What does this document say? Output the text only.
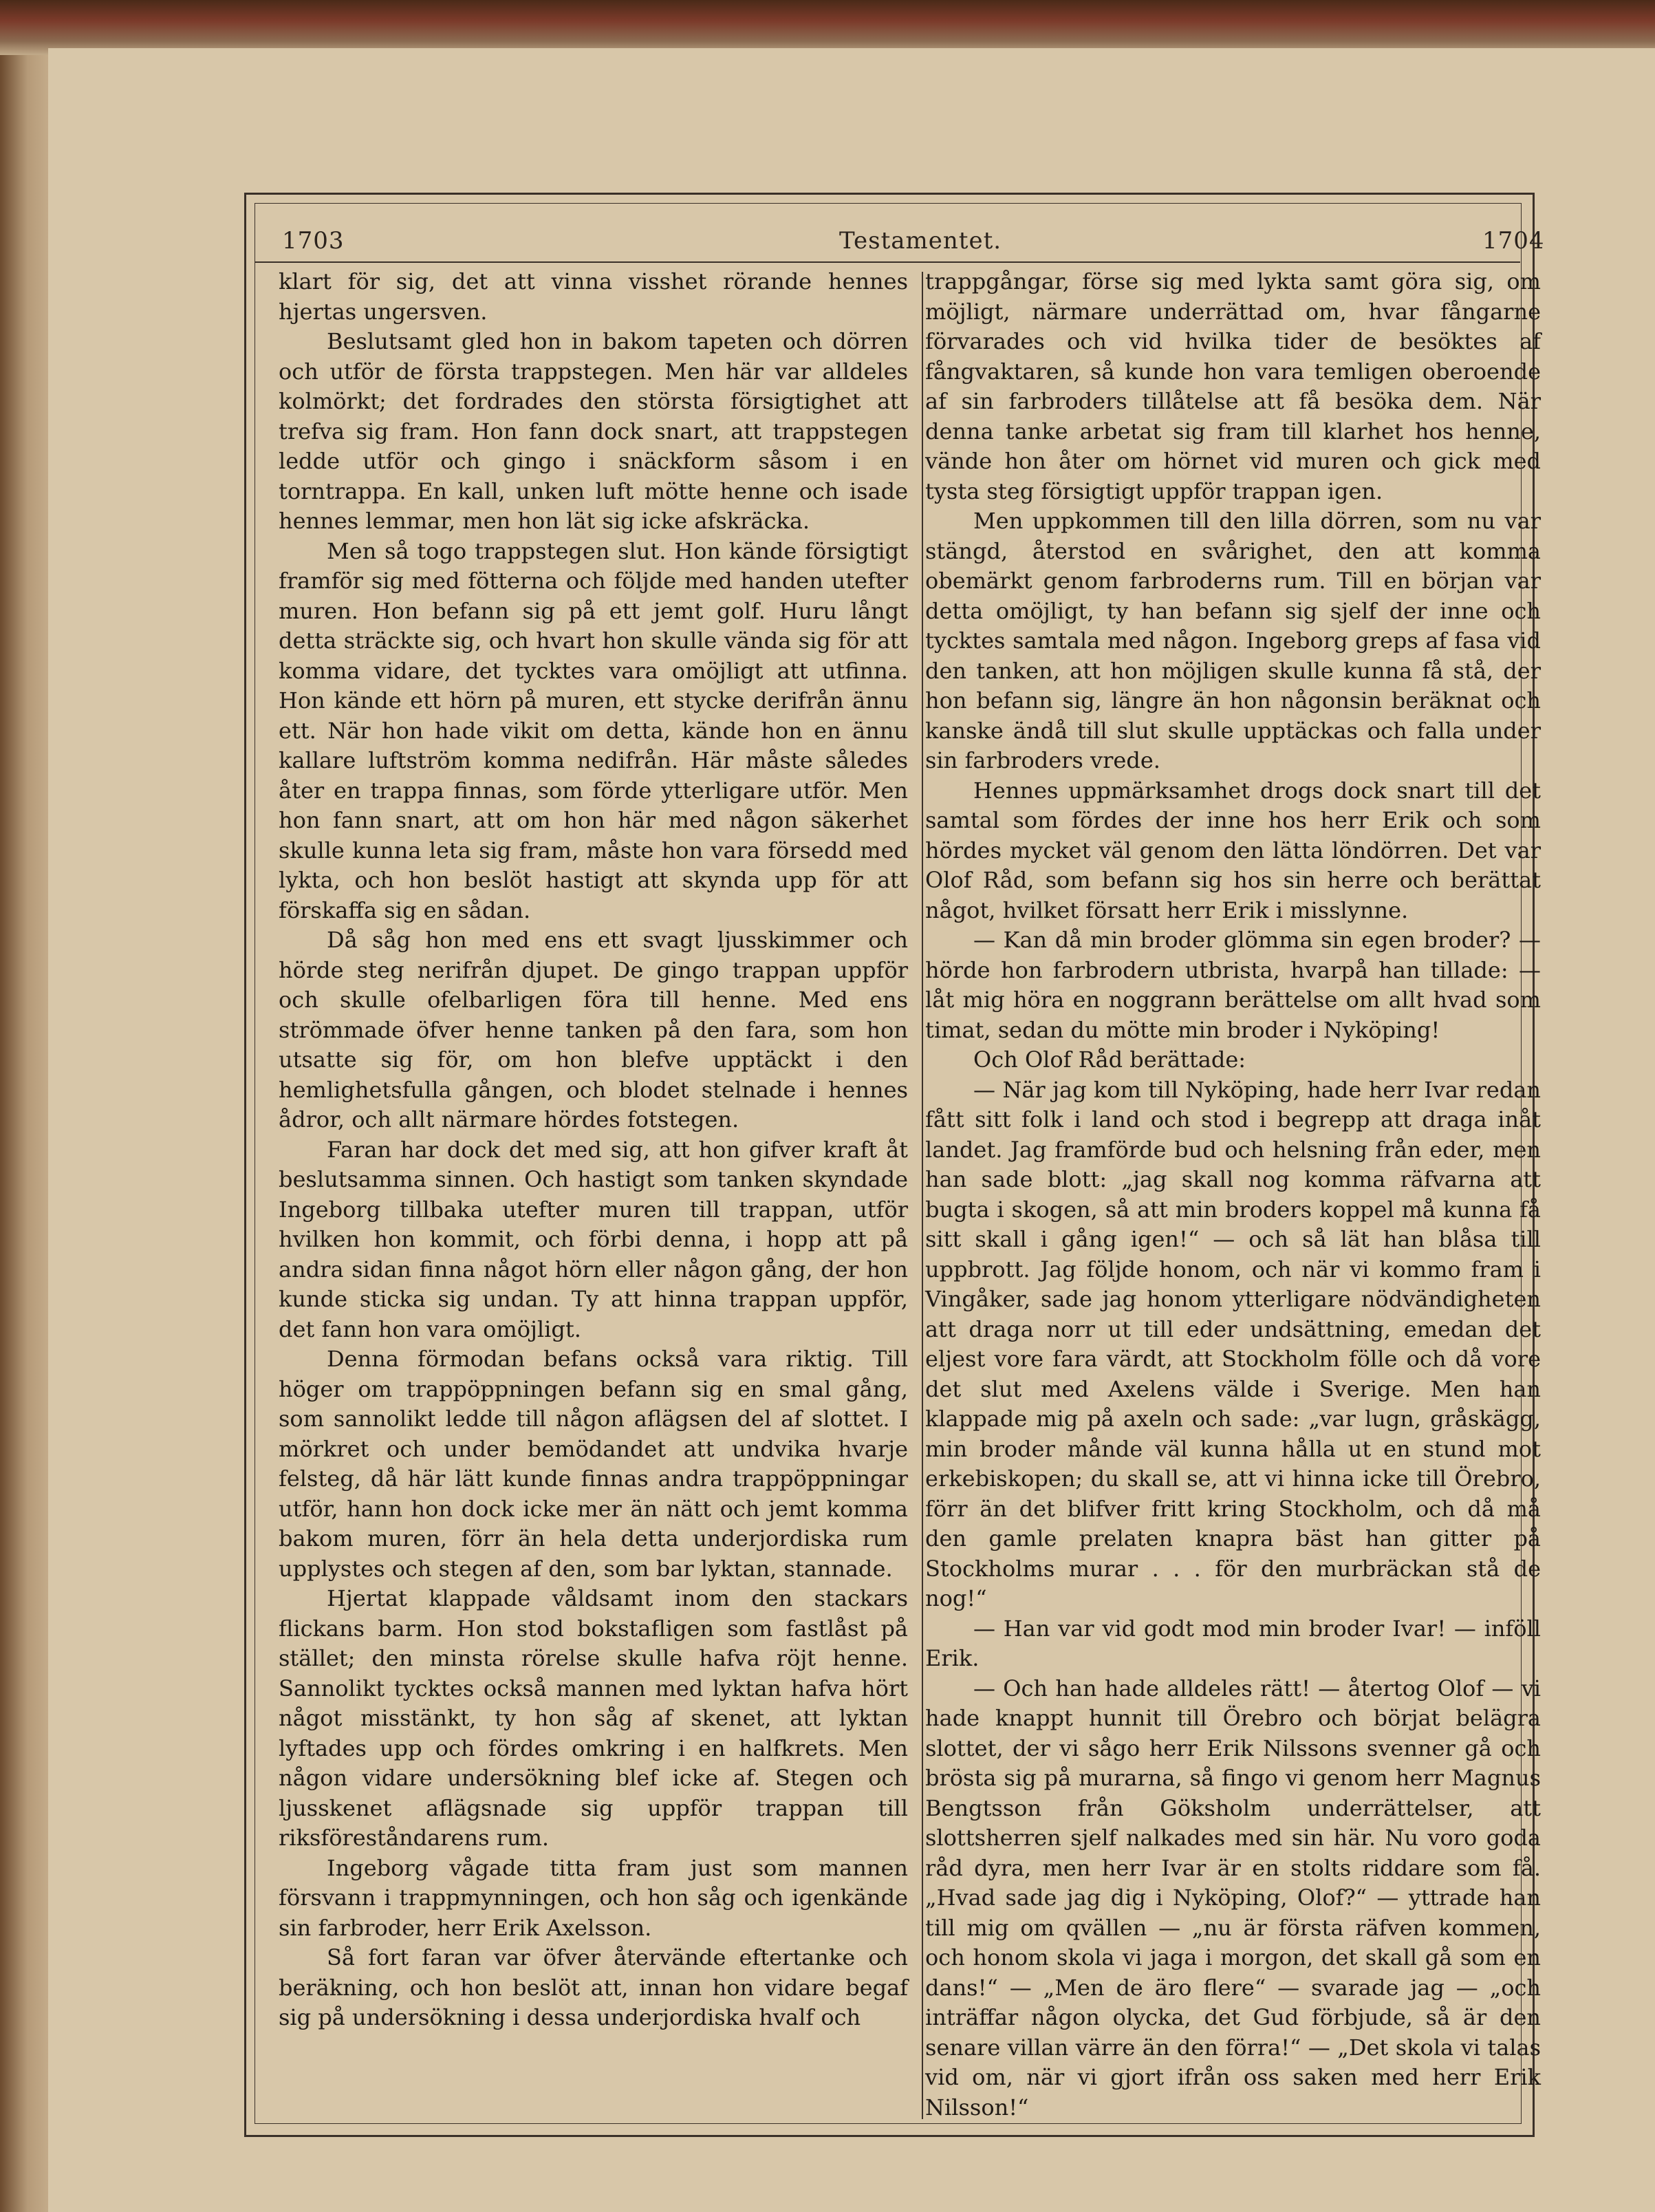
1703	Testamentet.	1704

klart för sig, det att vinna visshet rörande hennes hjertas ungersven.

Beslutsamt gled hon in bakom tapeten och dörren och utför de första trappstegen. Men här var alldeles kolmörkt; det fordrades den största försigtighet att trefva sig fram. Hon fann dock snart, att trappstegen ledde utför och gingo i snäckform såsom i en torntrappa. En kall, unken luft mötte henne och isade hennes lemmar, men hon lät sig icke afskräcka.

Men så togo trappstegen slut. Hon kände försigtigt framför sig med fötterna och följde med handen utefter muren. Hon befann sig på ett jemt golf. Huru långt detta sträckte sig, och hvart hon skulle vända sig för att komma vidare, det tycktes vara omöjligt att utfinna. Hon kände ett hörn på muren, ett stycke derifrån ännu ett. När hon hade vikit om detta, kände hon en ännu kallare luftström komma nedifrån. Här måste således åter en trappa finnas, som förde ytterligare utför. Men hon fann snart, att om hon här med någon säkerhet skulle kunna leta sig fram, måste hon vara försedd med lykta, och hon beslöt hastigt att skynda upp för att förskaffa sig en sådan.

Då såg hon med ens ett svagt ljusskimmer och hörde steg nerifrån djupet. De gingo trappan uppför och skulle ofelbarligen föra till henne. Med ens strömmade öfver henne tanken på den fara, som hon utsatte sig för, om hon blefve upptäckt i den hemlighetsfulla gången, och blodet stelnade i hennes ådror, och allt närmare hördes fotstegen.

Faran har dock det med sig, att hon gifver kraft åt beslutsamma sinnen. Och hastigt som tanken skyndade Ingeborg tillbaka utefter muren till trappan, utför hvilken hon kommit, och förbi denna, i hopp att på andra sidan finna något hörn eller någon gång, der hon kunde sticka sig undan. Ty att hinna trappan uppför, det fann hon vara omöjligt.

Denna förmodan befans också vara riktig. Till höger om trappöppningen befann sig en smal gång, som sannolikt ledde till någon aflägsen del af slottet. I mörkret och under bemödandet att undvika hvarje felsteg, då här lätt kunde finnas andra trappöppningar utför, hann hon dock icke mer än nätt och jemt komma bakom muren, förr än hela detta underjordiska rum upplystes och stegen af den, som bar lyktan, stannade.

Hjertat klappade våldsamt inom den stackars flickans barm. Hon stod bokstafligen som fastlåst på stället; den minsta rörelse skulle hafva röjt henne. Sannolikt tycktes också mannen med lyktan hafva hört något misstänkt, ty hon såg af skenet, att lyktan lyftades upp och fördes omkring i en halfkrets. Men någon vidare undersökning blef icke af. Stegen och ljusskenet aflägsnade sig uppför trappan till riksföreståndarens rum.

Ingeborg vågade titta fram just som mannen försvann i trappmynningen, och hon såg och igenkände sin farbroder, herr Erik Axelsson.

Så fort faran var öfver återvände eftertanke och beräkning, och hon beslöt att, innan hon vidare begaf sig på undersökning i dessa underjordiska hvalf och

trappgångar, förse sig med lykta samt göra sig, om möjligt, närmare underrättad om, hvar fångarne förvarades och vid hvilka tider de besöktes af fångvaktaren, så kunde hon vara temligen oberoende af sin farbroders tillåtelse att få besöka dem. När denna tanke arbetat sig fram till klarhet hos henne, vände hon åter om hörnet vid muren och gick med tysta steg försigtigt uppför trappan igen.

Men uppkommen till den lilla dörren, som nu var stängd, återstod en svårighet, den att komma obemärkt genom farbroderns rum. Till en början var detta omöjligt, ty han befann sig sjelf der inne och tycktes samtala med någon. Ingeborg greps af fasa vid den tanken, att hon möjligen skulle kunna få stå, der hon befann sig, längre än hon någonsin beräknat och kanske ändå till slut skulle upptäckas och falla under sin farbroders vrede.

Hennes uppmärksamhet drogs dock snart till det samtal som fördes der inne hos herr Erik och som hördes mycket väl genom den lätta löndörren. Det var Olof Råd, som befann sig hos sin herre och berättat något, hvilket försatt herr Erik i misslynne.

— Kan då min broder glömma sin egen broder? — hörde hon farbrodern utbrista, hvarpå han tillade: — låt mig höra en noggrann berättelse om allt hvad som timat, sedan du mötte min broder i Nyköping!

Och Olof Råd berättade:

— När jag kom till Nyköping, hade herr Ivar redan fått sitt folk i land och stod i begrepp att draga inåt landet. Jag framförde bud och helsning från eder, men han sade blott: „jag skall nog komma räfvarna att bugta i skogen, så att min broders koppel må kunna få sitt skall i gång igen!“ — och så lät han blåsa till uppbrott. Jag följde honom, och när vi kommo fram i Vingåker, sade jag honom ytterligare nödvändigheten att draga norr ut till eder undsättning, emedan det eljest vore fara värdt, att Stockholm fölle och då vore det slut med Axelens välde i Sverige. Men han klappade mig på axeln och sade: „var lugn, gråskägg, min broder månde väl kunna hålla ut en stund mot erkebiskopen; du skall se, att vi hinna icke till Örebro, förr än det blifver fritt kring Stockholm, och då må den gamle prelaten knapra bäst han gitter på Stockholms murar . . . för den murbräckan stå de nog!“

— Han var vid godt mod min broder Ivar! — inföll Erik.

— Och han hade alldeles rätt! — återtog Olof — vi hade knappt hunnit till Örebro och börjat belägra slottet, der vi sågo herr Erik Nilssons svenner gå och brösta sig på murarna, så fingo vi genom herr Magnus Bengtsson från Göksholm underrättelser, att slottsherren sjelf nalkades med sin här. Nu voro goda råd dyra, men herr Ivar är en stolts riddare som få. „Hvad sade jag dig i Nyköping, Olof?“ — yttrade han till mig om qvällen — „nu är första räfven kommen, och honom skola vi jaga i morgon, det skall gå som en dans!“ — „Men de äro flere“ — svarade jag — „och inträffar någon olycka, det Gud förbjude, så är den senare villan värre än den förra!“ — „Det skola vi talas vid om, när vi gjort ifrån oss saken med herr Erik Nilsson!“
